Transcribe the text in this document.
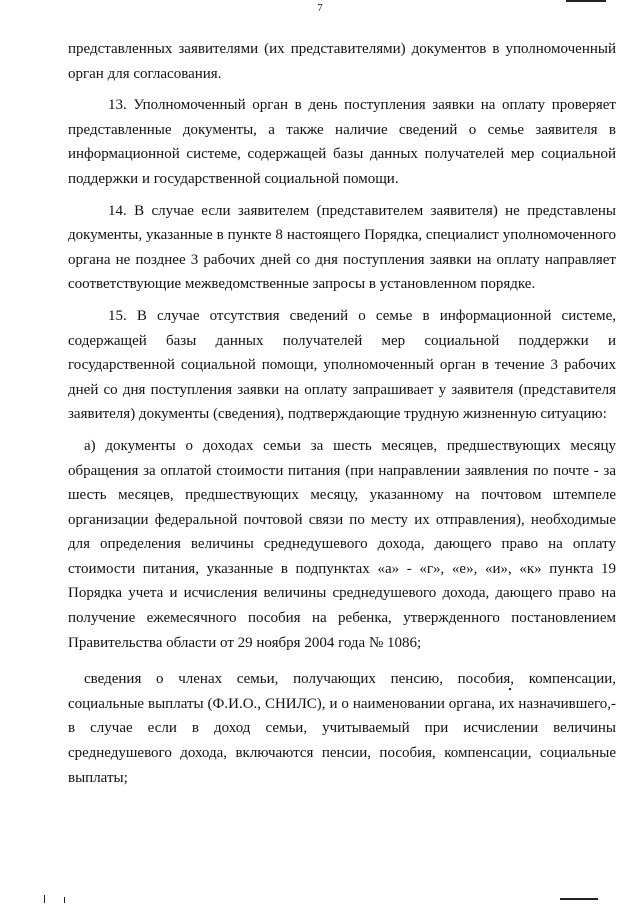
7

представленных заявителями (их представителями) документов в уполномоченный орган для согласования.

13. Уполномоченный орган в день поступления заявки на оплату проверяет представленные документы, а также наличие сведений о семье заявителя в информационной системе, содержащей базы данных получателей мер социальной поддержки и государственной социальной помощи.

14. В случае если заявителем (представителем заявителя) не представлены документы, указанные в пункте 8 настоящего Порядка, специалист уполномоченного органа не позднее 3 рабочих дней со дня поступления заявки на оплату направляет соответствующие межведомственные запросы в установленном порядке.

15. В случае отсутствия сведений о семье в информационной системе, содержащей базы данных получателей мер социальной поддержки и государственной социальной помощи, уполномоченный орган в течение 3 рабочих дней со дня поступления заявки на оплату запрашивает у заявителя (представителя заявителя) документы (сведения), подтверждающие трудную жизненную ситуацию:

а) документы о доходах семьи за шесть месяцев, предшествующих месяцу обращения за оплатой стоимости питания (при направлении заявления по почте - за шесть месяцев, предшествующих месяцу, указанному на почтовом штемпеле организации федеральной почтовой связи по месту их отправления), необходимые для определения величины среднедушевого дохода, дающего право на оплату стоимости питания, указанные в подпунктах «а» - «г», «е», «и», «к» пункта 19 Порядка учета и исчисления величины среднедушевого дохода, дающего право на получение ежемесячного пособия на ребенка, утвержденного постановлением Правительства области от 29 ноября 2004 года № 1086;

сведения о членах семьи, получающих пенсию, пособия, компенсации, социальные выплаты (Ф.И.О., СНИЛС), и о наименовании органа, их назначившего,- в случае если в доход семьи, учитываемый при исчислении величины среднедушевого дохода, включаются пенсии, пособия, компенсации, социальные выплаты;
